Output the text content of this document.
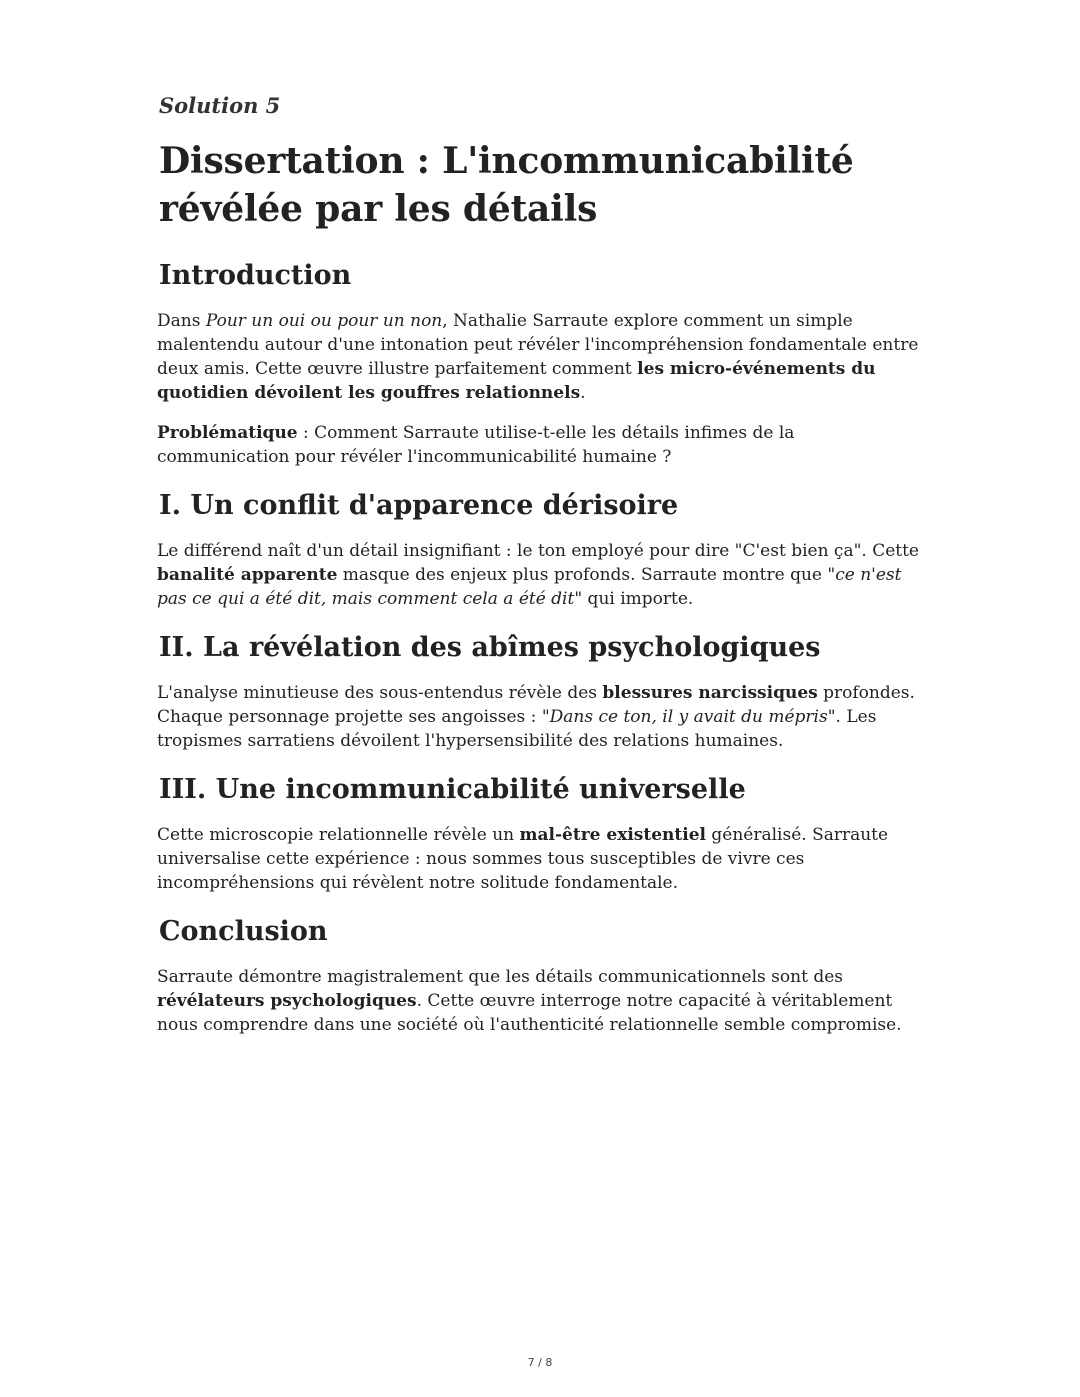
Solution 5
Dissertation : L'incommunicabilité révélée par les détails
Introduction

Dans Pour un oui ou pour un non, Nathalie Sarraute explore comment un simple malentendu autour d'une intonation peut révéler l'incompréhension fondamentale entre deux amis. Cette œuvre illustre parfaitement comment les micro-événements du quotidien dévoilent les gouffres relationnels.

Problématique : Comment Sarraute utilise-t-elle les détails infimes de la communication pour révéler l'incommunicabilité humaine ?

I. Un conflit d'apparence dérisoire

Le différend naît d'un détail insignifiant : le ton employé pour dire "C'est bien ça". Cette banalité apparente masque des enjeux plus profonds. Sarraute montre que "ce n'est pas ce qui a été dit, mais comment cela a été dit" qui importe.

II. La révélation des abîmes psychologiques

L'analyse minutieuse des sous-entendus révèle des blessures narcissiques profondes. Chaque personnage projette ses angoisses : "Dans ce ton, il y avait du mépris". Les tropismes sarratiens dévoilent l'hypersensibilité des relations humaines.

III. Une incommunicabilité universelle

Cette microscopie relationnelle révèle un mal-être existentiel généralisé. Sarraute universalise cette expérience : nous sommes tous susceptibles de vivre ces incompréhensions qui révèlent notre solitude fondamentale.

Conclusion

Sarraute démontre magistralement que les détails communicationnels sont des révélateurs psychologiques. Cette œuvre interroge notre capacité à véritablement nous comprendre dans une société où l'authenticité relationnelle semble compromise.

7 / 8
